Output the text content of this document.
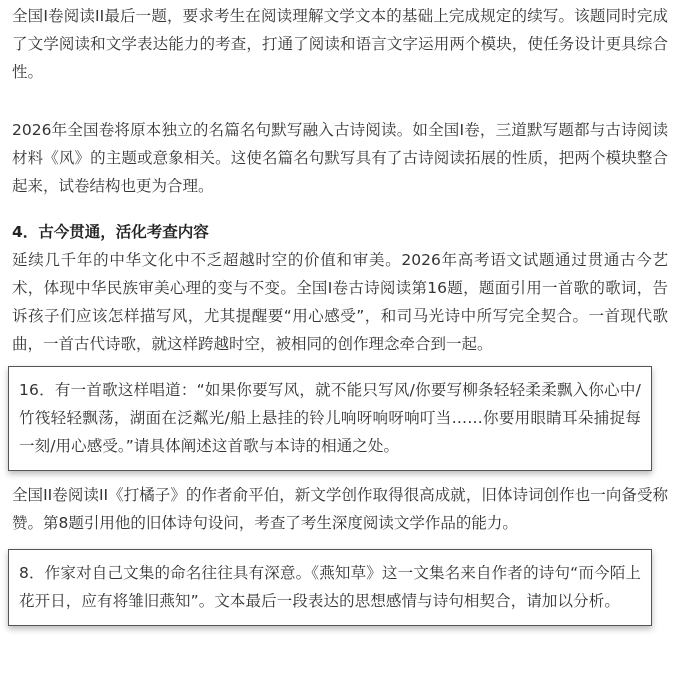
全国I卷阅读II最后一题，要求考生在阅读理解文学文本的基础上完成规定的续写。该题同时完成了文学阅读和文学表达能力的考查，打通了阅读和语言文字运用两个模块，使任务设计更具综合性。

2026年全国卷将原本独立的名篇名句默写融入古诗阅读。如全国I卷，三道默写题都与古诗阅读材料《风》的主题或意象相关。这使名篇名句默写具有了古诗阅读拓展的性质，把两个模块整合起来，试卷结构也更为合理。

4．古今贯通，活化考查内容

延续几千年的中华文化中不乏超越时空的价值和审美。2026年高考语文试题通过贯通古今艺术，体现中华民族审美心理的变与不变。全国I卷古诗阅读第16题，题面引用一首歌的歌词，告诉孩子们应该怎样描写风，尤其提醒要“用心感受”，和司马光诗中所写完全契合。一首现代歌曲，一首古代诗歌，就这样跨越时空，被相同的创作理念牵合到一起。

16．有一首歌这样唱道：“如果你要写风，就不能只写风/你要写柳条轻轻柔柔飘入你心中/竹筏轻轻飘荡，湖面在泛粼光/船上悬挂的铃儿响呀响呀响叮当……你要用眼睛耳朵捕捉每一刻/用心感受。”请具体阐述这首歌与本诗的相通之处。

全国II卷阅读II《打橘子》的作者俞平伯，新文学创作取得很高成就，旧体诗词创作也一向备受称赞。第8题引用他的旧体诗句设问，考查了考生深度阅读文学作品的能力。

8．作家对自己文集的命名往往具有深意。《燕知草》这一文集名来自作者的诗句“而今陌上花开日，应有将雏旧燕知”。文本最后一段表达的思想感情与诗句相契合，请加以分析。
